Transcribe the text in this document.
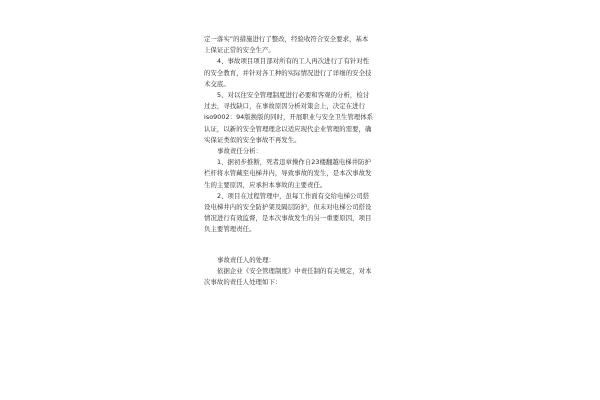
定一落实”的措施进行了整改，经验收符合安全要求，基本
上保证正常的安全生产。
4、事故项目项目部对所有的工人再次进行了有针对性
的安全教育，并针对各工种的实际情况进行了详细的安全技
术交底。
5、对以往安全管理制度进行必要和客观的分析，检讨
过去，寻找缺口，在事故原因分析对策会上，决定在进行
iso9002：94版换版的同时，开展职业与安全卫生管理体系
认证，以新的安全管理理念以适应现代企业管理的需要，确
实保证类似的安全事故不再发生。
事故责任分析：
1、据初步推断，死者违章操作自23楼翻越电梯井防护
栏杆将水管藏至电梯井内，导致事故的发生，是本次事故发
生的主要原因，应承担本事故的主要责任。
2、项目在过程管理中，虽每工作面有交给电梯公司搭
设电梯井内的安全防护架及隔层防护，但未对电梯公司搭设
情况进行有效监督，是本次事故发生的另一重要原因，项目
负主要管理责任。
事故责任人的处理：
依据企业《安全管理制度》中责任制的有关规定，对本
次事故的责任人处理如下：
